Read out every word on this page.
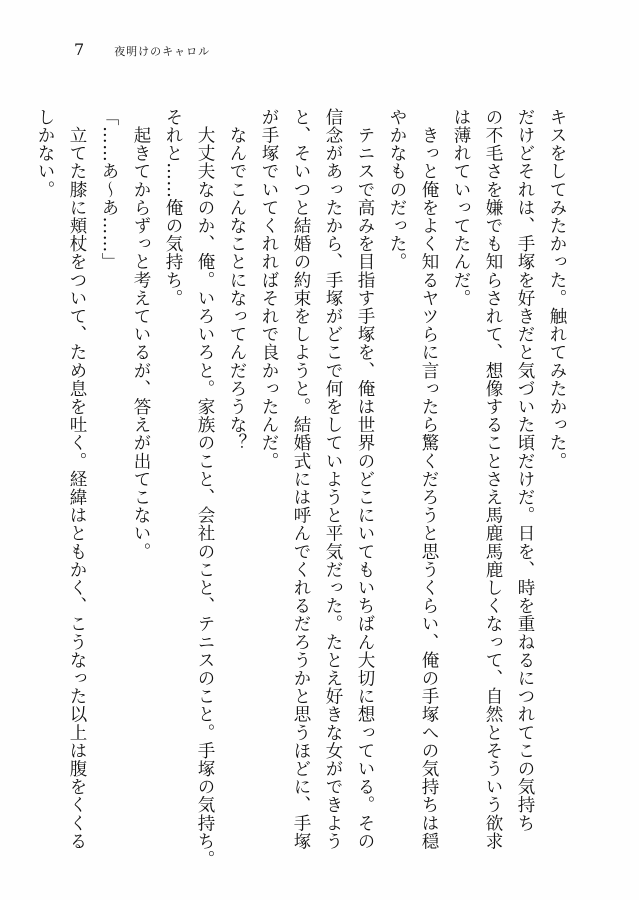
7	夜明けのキャロル
キスをしてみたかった。触れてみたかった。
だけどそれは、手塚を好きだと気づいた頃だけだ。日を、時を重ねるにつれてこの気持ち
の不毛さを嫌でも知らされて、想像することさえ馬鹿馬鹿しくなって、自然とそういう欲求
は薄れていってたんだ。
　きっと俺をよく知るヤツらに言ったら驚くだろうと思うくらい、俺の手塚への気持ちは穏
やかなものだった。
　テニスで高みを目指す手塚を、俺は世界のどこにいてもいちばん大切に想っている。その
信念があったから、手塚がどこで何をしていようと平気だった。たとえ好きな女ができよう
と、そいつと結婚の約束をしようと。結婚式には呼んでくれるだろうかと思うほどに、手塚
が手塚でいてくれればそれで良かったんだ。
　なんでこんなことになってんだろうな？
　大丈夫なのか、俺。いろいろと。家族のこと、会社のこと、テニスのこと。手塚の気持ち。
それと……俺の気持ち。
　起きてからずっと考えているが、答えが出てこない。
「……あ～あ……」
　立てた膝に頬杖をついて、ため息を吐く。経緯はともかく、こうなった以上は腹をくくる
しかない。
